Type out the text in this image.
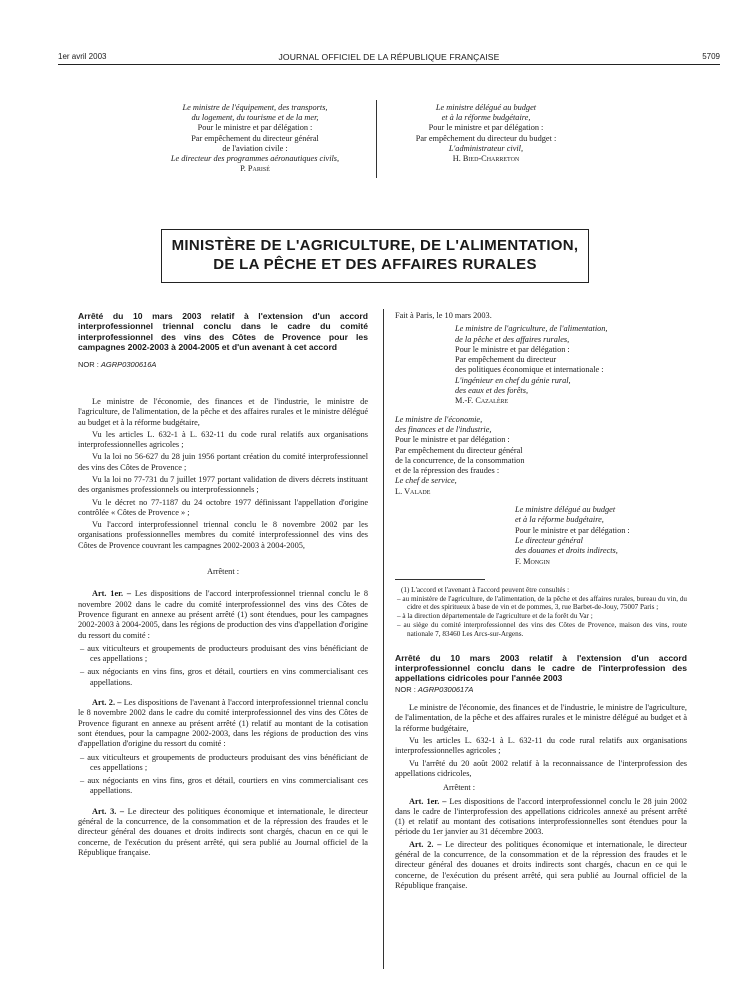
1er avril 2003	JOURNAL OFFICIEL DE LA RÉPUBLIQUE FRANÇAISE	5709
Le ministre de l'équipement, des transports,
du logement, du tourisme et de la mer,
Pour le ministre et par délégation :
Par empêchement du directeur général
de l'aviation civile :
Le directeur des programmes aéronautiques civils,
P. Parisé
Le ministre délégué au budget
et à la réforme budgétaire,
Pour le ministre et par délégation :
Par empêchement du directeur du budget :
L'administrateur civil,
H. Bied-Charreton
MINISTÈRE DE L'AGRICULTURE, DE L'ALIMENTATION,
DE LA PÊCHE ET DES AFFAIRES RURALES

Arrêté du 10 mars 2003 relatif à l'extension d'un accord interprofessionnel triennal conclu dans le cadre du comité interprofessionnel des vins des Côtes de Provence pour les campagnes 2002-2003 à 2004-2005 et d'un avenant à cet accord

NOR : AGRP0300616A

Le ministre de l'économie, des finances et de l'industrie, le ministre de l'agriculture, de l'alimentation, de la pêche et des affaires rurales et le ministre délégué au budget et à la réforme budgétaire,

Vu les articles L. 632-1 à L. 632-11 du code rural relatifs aux organisations interprofessionnelles agricoles ;

Vu la loi no 56-627 du 28 juin 1956 portant création du comité interprofessionnel des vins des Côtes de Provence ;

Vu la loi no 77-731 du 7 juillet 1977 portant validation de divers décrets instituant des organismes professionnels ou interprofessionnels ;

Vu le décret no 77-1187 du 24 octobre 1977 définissant l'appellation d'origine contrôlée « Côtes de Provence » ;

Vu l'accord interprofessionnel triennal conclu le 8 novembre 2002 par les organisations professionnelles membres du comité interprofessionnel des vins des Côtes de Provence couvrant les campagnes 2002-2003 à 2004-2005,

Arrêtent :

Art. 1er. – Les dispositions de l'accord interprofessionnel triennal conclu le 8 novembre 2002 dans le cadre du comité interprofessionnel des vins des Côtes de Provence figurant en annexe au présent arrêté (1) sont étendues, pour les campagnes 2002-2003 à 2004-2005, dans les régions de production des vins d'appellation d'origine du ressort du comité :

– aux viticulteurs et groupements de producteurs produisant des vins bénéficiant de ces appellations ;

– aux négociants en vins fins, gros et détail, courtiers en vins commercialisant ces appellations.

Art. 2. – Les dispositions de l'avenant à l'accord interprofessionnel triennal conclu le 8 novembre 2002 dans le cadre du comité interprofessionnel des vins des Côtes de Provence figurant en annexe au présent arrêté (1) relatif au montant de la cotisation sont étendues, pour la campagne 2002-2003, dans les régions de production des vins d'appellation d'origine du ressort du comité :

– aux viticulteurs et groupements de producteurs produisant des vins bénéficiant de ces appellations ;

– aux négociants en vins fins, gros et détail, courtiers en vins commercialisant ces appellations.

Art. 3. – Le directeur des politiques économique et internationale, le directeur général de la concurrence, de la consommation et de la répression des fraudes et le directeur général des douanes et droits indirects sont chargés, chacun en ce qui le concerne, de l'exécution du présent arrêté, qui sera publié au Journal officiel de la République française.

Fait à Paris, le 10 mars 2003.

Le ministre de l'agriculture, de l'alimentation,

de la pêche et des affaires rurales,

Pour le ministre et par délégation :

Par empêchement du directeur

des politiques économique et internationale :

L'ingénieur en chef du génie rural,

des eaux et des forêts,

M.-F. Cazalère

Le ministre de l'économie,

des finances et de l'industrie,

Pour le ministre et par délégation :

Par empêchement du directeur général

de la concurrence, de la consommation

et de la répression des fraudes :

Le chef de service,

L. Valade

Le ministre délégué au budget

et à la réforme budgétaire,

Pour le ministre et par délégation :

Le directeur général

des douanes et droits indirects,

F. Mongin

(1) L'accord et l'avenant à l'accord peuvent être consultés :

– au ministère de l'agriculture, de l'alimentation, de la pêche et des affaires rurales, bureau du vin, du cidre et des spiritueux à base de vin et de pommes, 3, rue Barbet-de-Jouy, 75007 Paris ;

– à la direction départementale de l'agriculture et de la forêt du Var ;

– au siège du comité interprofessionnel des vins des Côtes de Provence, maison des vins, route nationale 7, 83460 Les Arcs-sur-Argens.

Arrêté du 10 mars 2003 relatif à l'extension d'un accord interprofessionnel conclu dans le cadre de l'interprofession des appellations cidricoles pour l'année 2003

NOR : AGRP0300617A

Le ministre de l'économie, des finances et de l'industrie, le ministre de l'agriculture, de l'alimentation, de la pêche et des affaires rurales et le ministre délégué au budget et à la réforme budgétaire,

Vu les articles L. 632-1 à L. 632-11 du code rural relatifs aux organisations interprofessionnelles agricoles ;

Vu l'arrêté du 20 août 2002 relatif à la reconnaissance de l'interprofession des appellations cidricoles,

Arrêtent :

Art. 1er. – Les dispositions de l'accord interprofessionnel conclu le 28 juin 2002 dans le cadre de l'interprofession des appellations cidricoles annexé au présent arrêté (1) et relatif au montant des cotisations interprofessionnelles sont étendues pour la période du 1er janvier au 31 décembre 2003.

Art. 2. – Le directeur des politiques économique et internationale, le directeur général de la concurrence, de la consommation et de la répression des fraudes et le directeur général des douanes et droits indirects sont chargés, chacun en ce qui le concerne, de l'exécution du présent arrêté, qui sera publié au Journal officiel de la République française.
